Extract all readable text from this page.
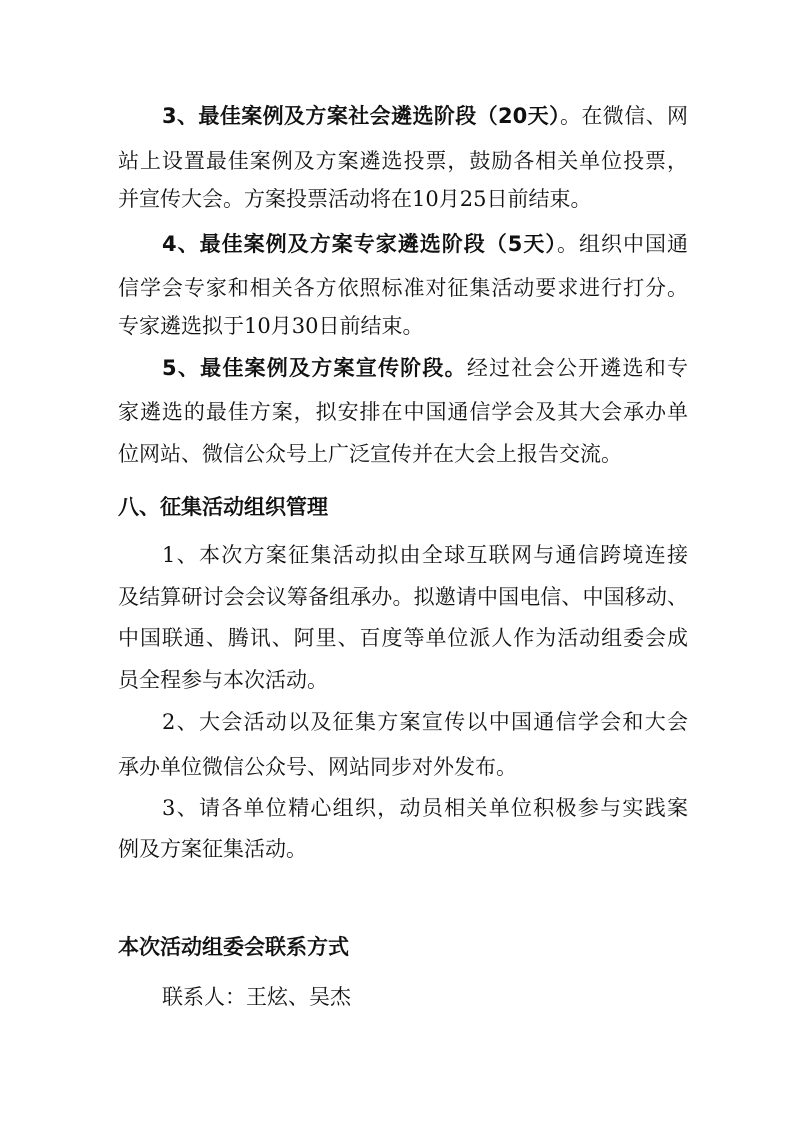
3、最佳案例及方案社会遴选阶段（20天）。在微信、网

站上设置最佳案例及方案遴选投票，鼓励各相关单位投票，

并宣传大会。方案投票活动将在10月25日前结束。

4、最佳案例及方案专家遴选阶段（5天）。组织中国通

信学会专家和相关各方依照标准对征集活动要求进行打分。

专家遴选拟于10月30日前结束。

5、最佳案例及方案宣传阶段。经过社会公开遴选和专

家遴选的最佳方案，拟安排在中国通信学会及其大会承办单

位网站、微信公众号上广泛宣传并在大会上报告交流。

八、征集活动组织管理

1、本次方案征集活动拟由全球互联网与通信跨境连接

及结算研讨会会议筹备组承办。拟邀请中国电信、中国移动、

中国联通、腾讯、阿里、百度等单位派人作为活动组委会成

员全程参与本次活动。

2、大会活动以及征集方案宣传以中国通信学会和大会

承办单位微信公众号、网站同步对外发布。

3、请各单位精心组织，动员相关单位积极参与实践案

例及方案征集活动。

本次活动组委会联系方式

联系人：王炫、吴杰
